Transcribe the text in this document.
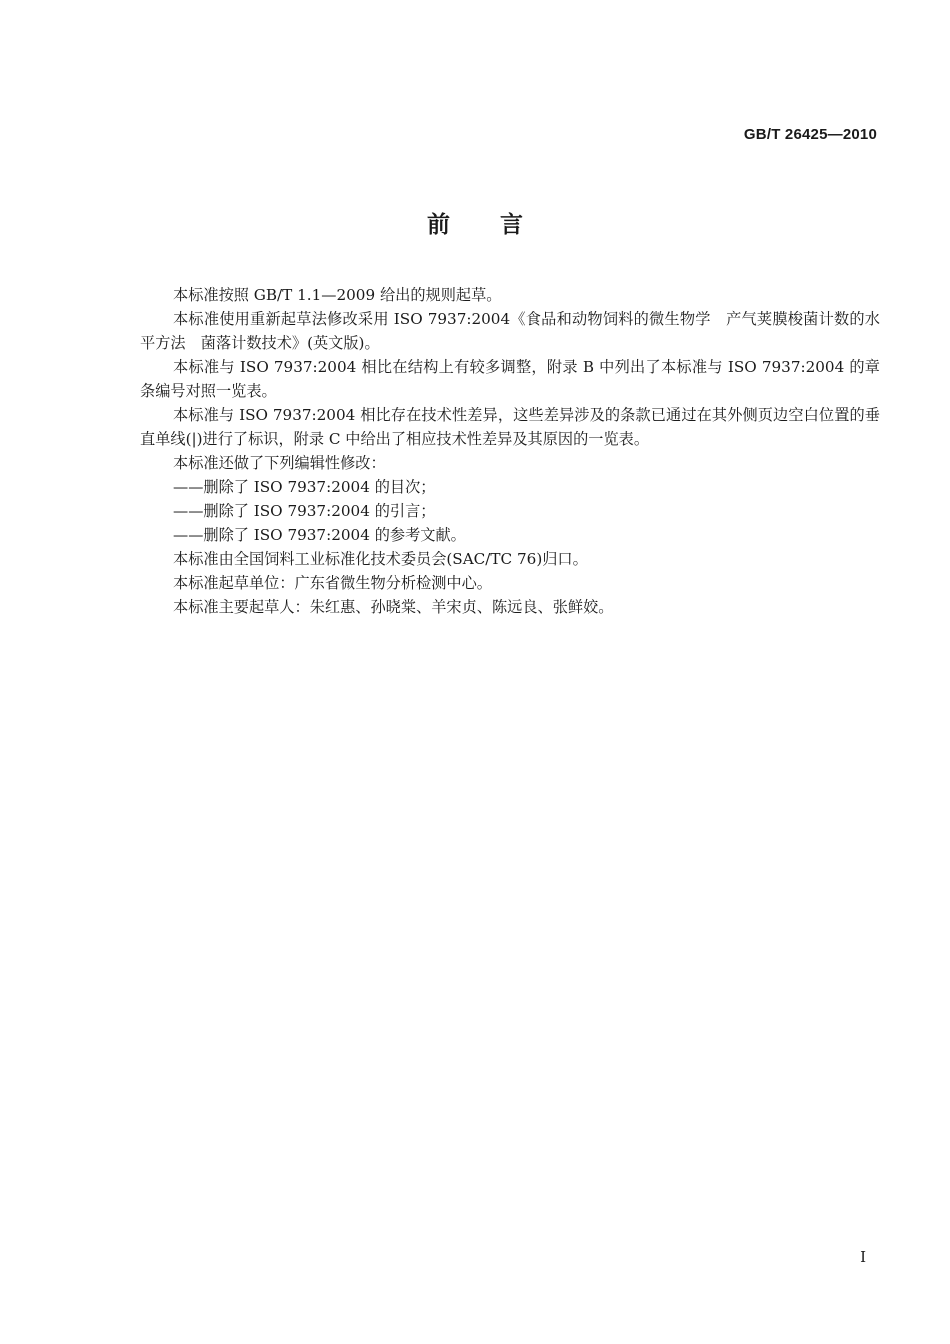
GB/T 26425—2010
前 言

本标准按照 GB/T 1.1—2009 给出的规则起草。

本标准使用重新起草法修改采用 ISO 7937:2004《食品和动物饲料的微生物学　产气荚膜梭菌计数的水平方法　菌落计数技术》(英文版)。

本标准与 ISO 7937:2004 相比在结构上有较多调整，附录 B 中列出了本标准与 ISO 7937:2004 的章条编号对照一览表。

本标准与 ISO 7937:2004 相比存在技术性差异，这些差异涉及的条款已通过在其外侧页边空白位置的垂直单线(|)进行了标识，附录 C 中给出了相应技术性差异及其原因的一览表。

本标准还做了下列编辑性修改：

——删除了 ISO 7937:2004 的目次；

——删除了 ISO 7937:2004 的引言；

——删除了 ISO 7937:2004 的参考文献。

本标准由全国饲料工业标准化技术委员会(SAC/TC 76)归口。

本标准起草单位：广东省微生物分析检测中心。

本标准主要起草人：朱红惠、孙晓棠、羊宋贞、陈远良、张鲜姣。

I
